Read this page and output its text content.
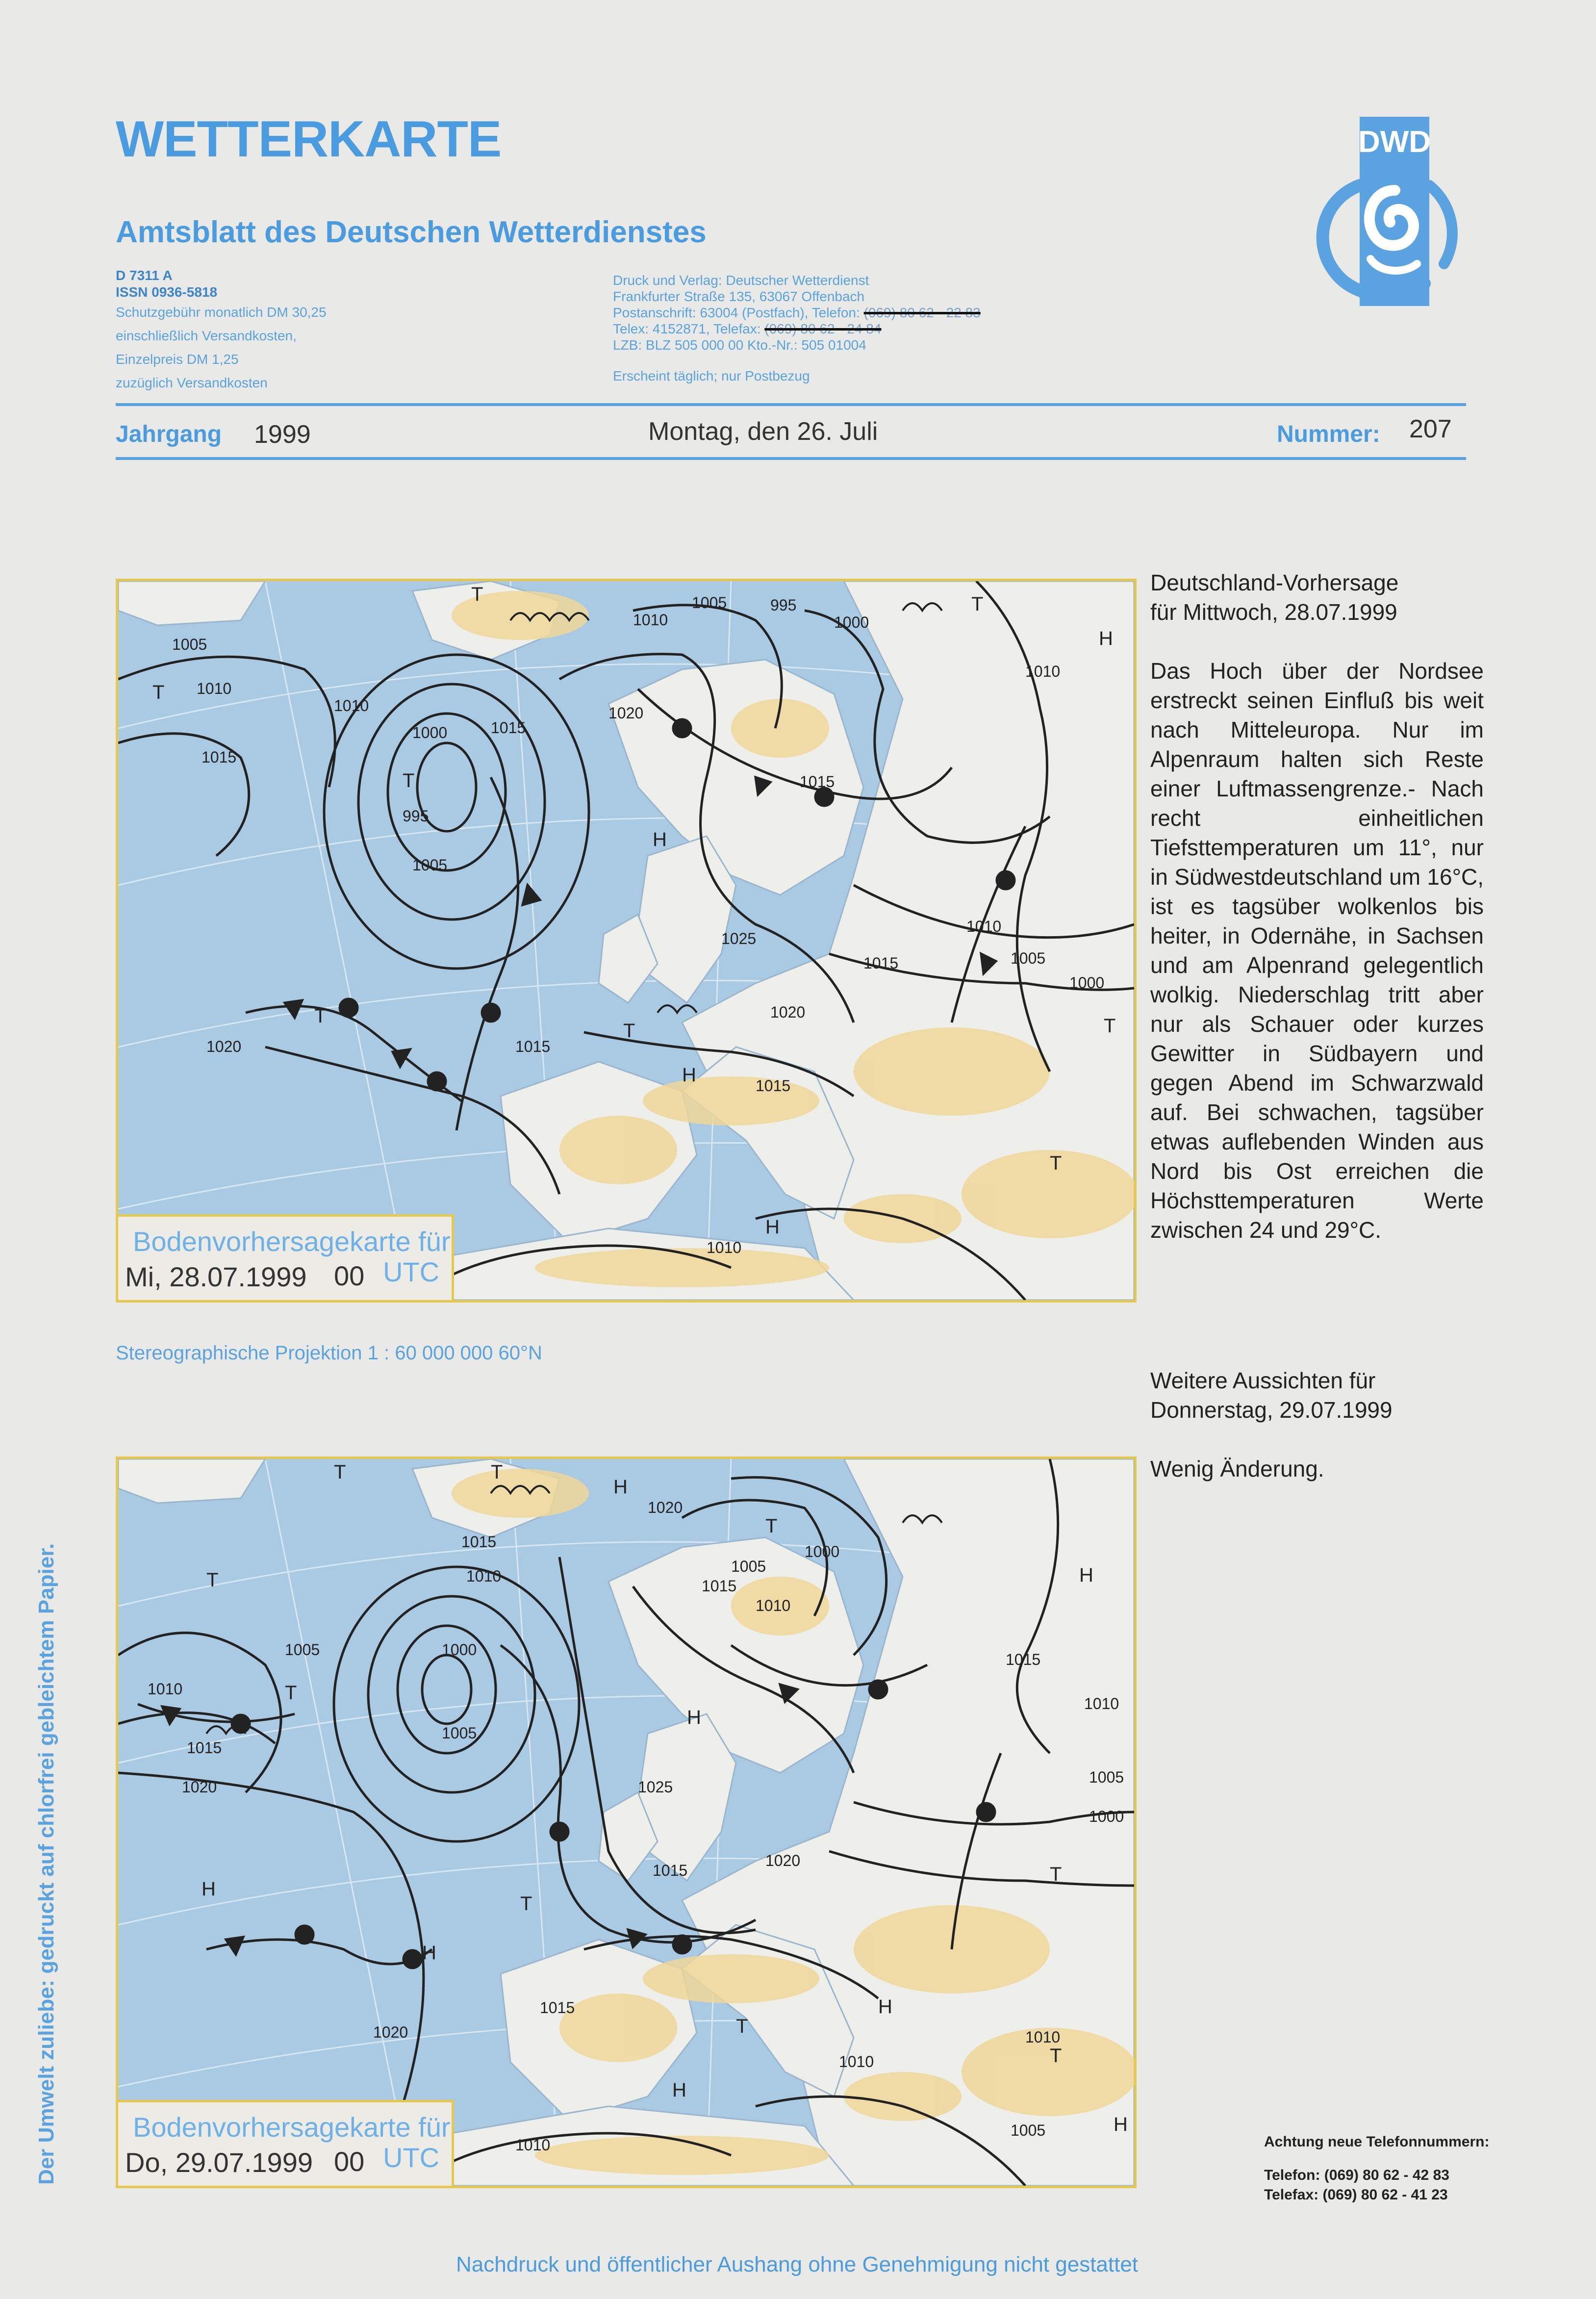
WETTERKARTE
Amtsblatt des Deutschen Wetterdienstes
D 7311 A
ISSN 0936-5818
Schutzgebühr monatlich DM 30,25
einschließlich Versandkosten,
Einzelpreis DM 1,25
zuzüglich Versandkosten
Druck und Verlag: Deutscher Wetterdienst
Frankfurter Straße 135, 63067 Offenbach
Postanschrift: 63004 (Postfach), Telefon: (069) 80 62 - 22 83
Telex: 4152871, Telefax: (069) 80 62 - 24 84
LZB: BLZ 505 000 00 Kto.-Nr.: 505 01004
Erscheint täglich; nur Postbezug
DWD
Jahrgang 1999	Montag, den 26. Juli	Nummer: 207
1005
1010
1015
1010
1000
995
1005
1015
1010
1005	995
1000
1020
1015
1025
1015
1020
1015
1010
1005
1000
1010
1015
1020
1010
T
T
T
T
H
H
T
H
T
T
H
T
Bodenvorhersagekarte für
Mi, 28.07.1999 00 UTC
Stereographische Projektion 1 : 60 000 000 60°N
1020
1015
1010
1005	1000
1005
1010
1015
1020
1000
1005
1015
1010
1025
1015
1020
1015
1010
1005
1000
1015
1020
1010
1010
1005
1010
T	T
H
T
T
T
H
H
H
T
H
T
H
T
T
H
H
Bodenvorhersagekarte für
Do, 29.07.1999 00 UTC
Deutschland-Vorhersage
für Mittwoch, 28.07.1999
Das Hoch über der Nordsee erstreckt seinen Einfluß bis weit nach Mitteleuropa. Nur im Alpenraum halten sich Reste einer Luftmassengrenze.- Nach recht einheitlichen Tiefsttemperaturen um 11°, nur in Südwestdeutschland um 16°C, ist es tagsüber wolkenlos bis heiter, in Odernähe, in Sachsen und am Alpenrand gelegentlich wolkig. Niederschlag tritt aber nur als Schauer oder kurzes Gewitter in Südbayern und gegen Abend im Schwarzwald auf. Bei schwachen, tagsüber etwas auflebenden Winden aus Nord bis Ost erreichen die Höchsttemperaturen Werte zwischen 24 und 29°C.
Weitere Aussichten für
Donnerstag, 29.07.1999
Wenig Änderung.
Achtung neue Telefonnummern:
Telefon: (069) 80 62 - 42 83
Telefax: (069) 80 62 - 41 23
Der Umwelt zuliebe: gedruckt auf chlorfrei gebleichtem Papier.
Nachdruck und öffentlicher Aushang ohne Genehmigung nicht gestattet
